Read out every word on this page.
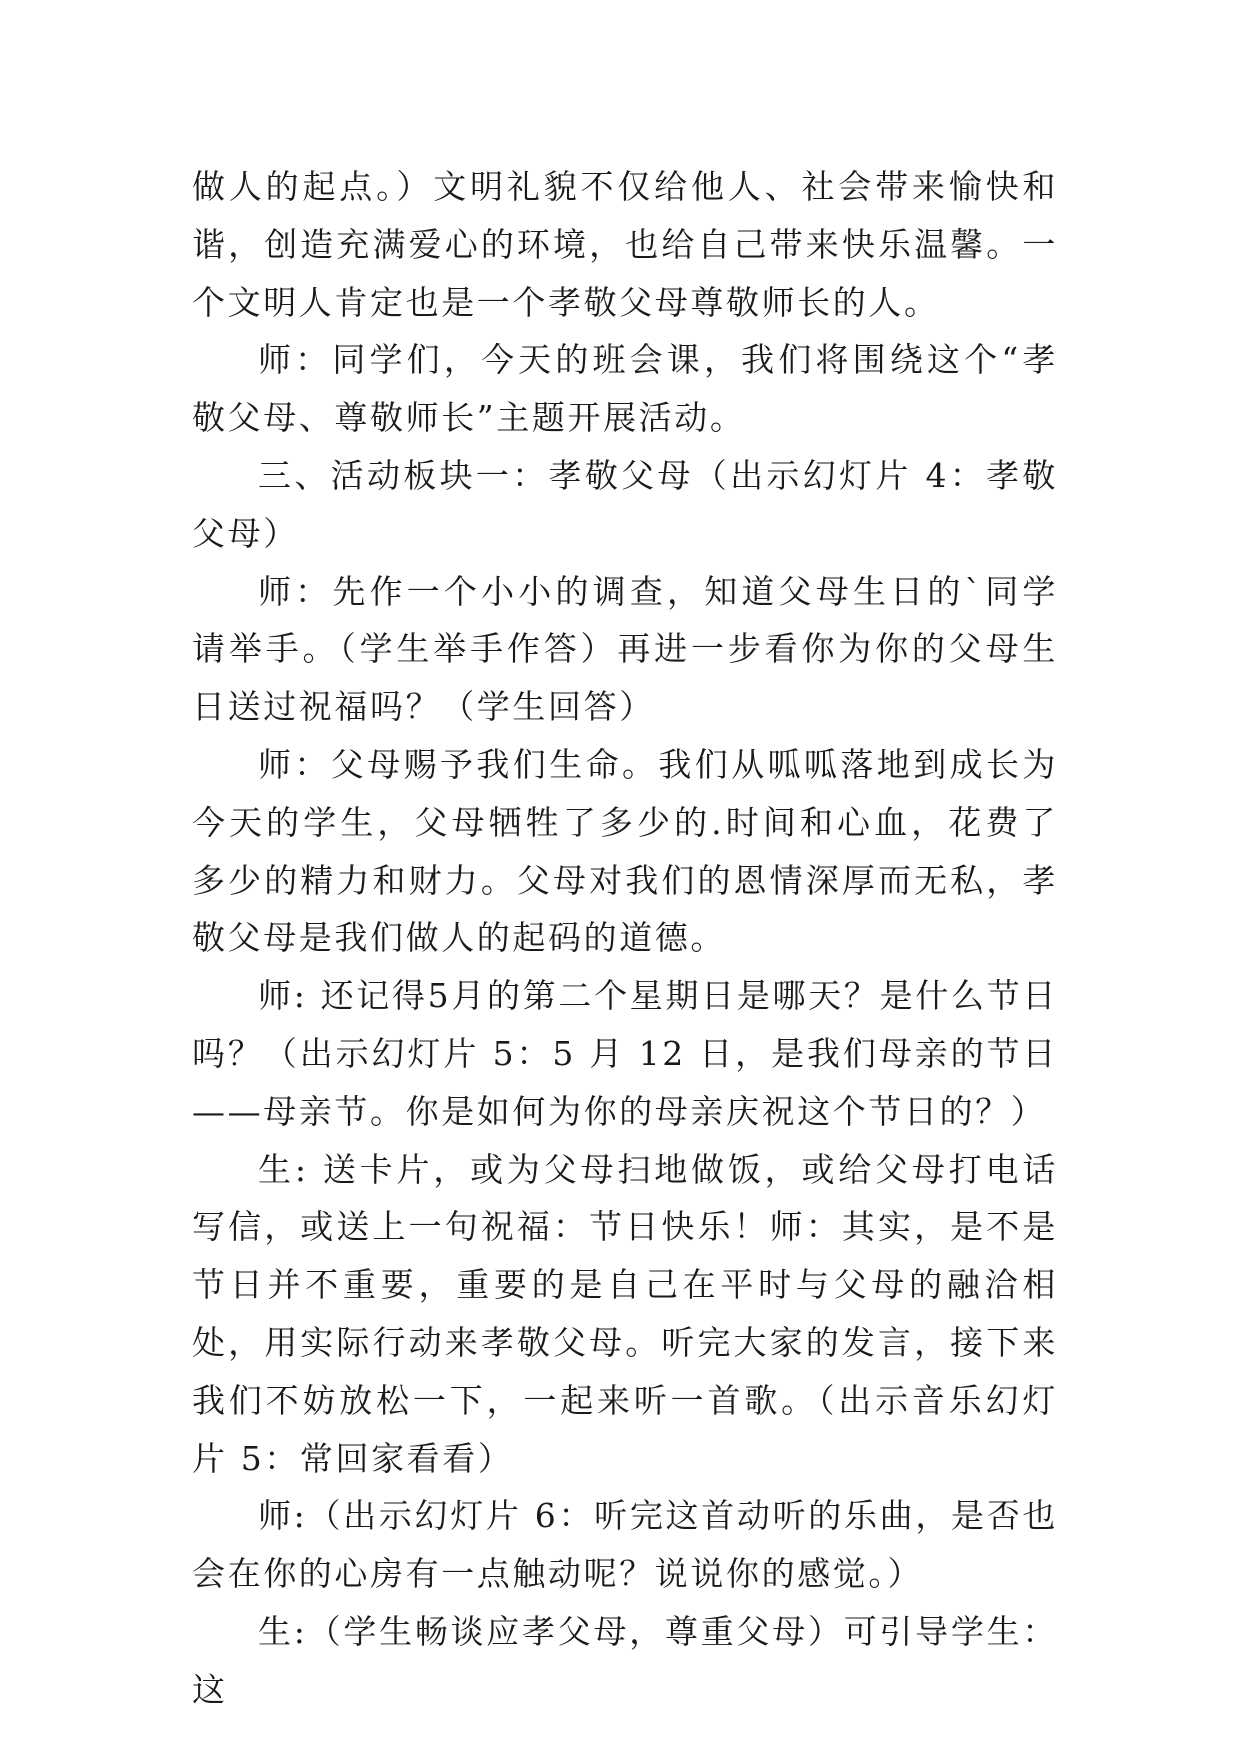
做人的起点。）文明礼貌不仅给他人、社会带来愉快和谐，创造充满爱心的环境，也给自己带来快乐温馨。一个文明人肯定也是一个孝敬父母尊敬师长的人。

师：同学们，今天的班会课，我们将围绕这个“孝敬父母、尊敬师长”主题开展活动。

三、活动板块一：孝敬父母（出示幻灯片 4：孝敬父母）

师：先作一个小小的调查，知道父母生日的`同学请举手。（学生举手作答）再进一步看你为你的父母生日送过祝福吗？（学生回答）

师：父母赐予我们生命。我们从呱呱落地到成长为今天的学生，父母牺牲了多少的.时间和心血，花费了多少的精力和财力。父母对我们的恩情深厚而无私，孝敬父母是我们做人的起码的道德。

师: 还记得5月的第二个星期日是哪天？是什么节日吗？（出示幻灯片 5：5 月 12 日，是我们母亲的节日——母亲节。你是如何为你的母亲庆祝这个节日的？）

生: 送卡片，或为父母扫地做饭，或给父母打电话写信，或送上一句祝福：节日快乐！师：其实，是不是节日并不重要，重要的是自己在平时与父母的融洽相处，用实际行动来孝敬父母。听完大家的发言，接下来我们不妨放松一下，一起来听一首歌。（出示音乐幻灯片 5：常回家看看）

师:（出示幻灯片 6：听完这首动听的乐曲，是否也会在你的心房有一点触动呢？说说你的感觉。）

生:（学生畅谈应孝父母，尊重父母）可引导学生：这
